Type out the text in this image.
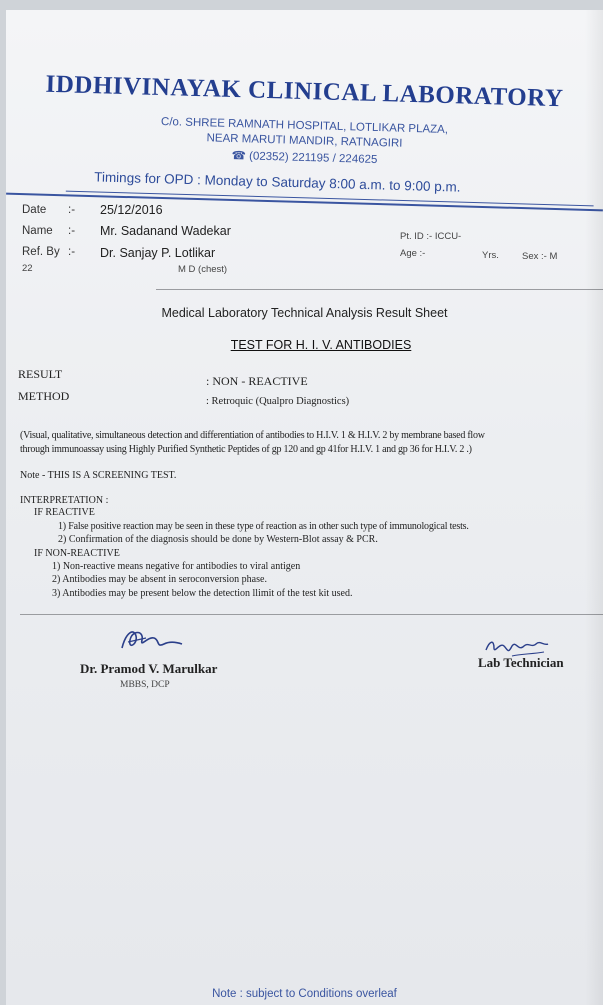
IDDHIVINAYAK CLINICAL LABORATORY
C/o. SHREE RAMNATH HOSPITAL, LOTLIKAR PLAZA,
NEAR MARUTI MANDIR, RATNAGIRI
☎ (02352) 221195 / 224625
Timings for OPD : Monday to Saturday 8:00 a.m. to 9:00 p.m.
Date :- 25/12/2016
Name :- Mr. Sadanand Wadekar
Ref. By :- Dr. Sanjay P. Lotlikar
22	M D (chest)
Pt. ID :- ICCU-
Age :-	Yrs. Sex :- M
Medical Laboratory Technical Analysis Result Sheet
TEST FOR H. I. V. ANTIBODIES
RESULT	: NON - REACTIVE
METHOD	: Retroquic (Qualpro Diagnostics)
(Visual, qualitative, simultaneous detection and differentiation of antibodies to H.I.V. 1 & H.I.V. 2 by membrane based flow
through immunoassay using Highly Purified Synthetic Peptides of gp 120 and gp 41for H.I.V. 1 and gp 36 for H.I.V. 2 .)
Note - THIS IS A SCREENING TEST.
INTERPRETATION :
IF REACTIVE
1) False positive reaction may be seen in these type of reaction as in other such type of immunological tests.
2) Confirmation of the diagnosis should be done by Western-Blot assay & PCR.
IF NON-REACTIVE
1) Non-reactive means negative for antibodies to viral antigen
2) Antibodies may be absent in seroconversion phase.
3) Antibodies may be present below the detection llimit of the test kit used.
Dr. Pramod V. Marulkar
MBBS, DCP
Lab Technician
Note : subject to Conditions overleaf
